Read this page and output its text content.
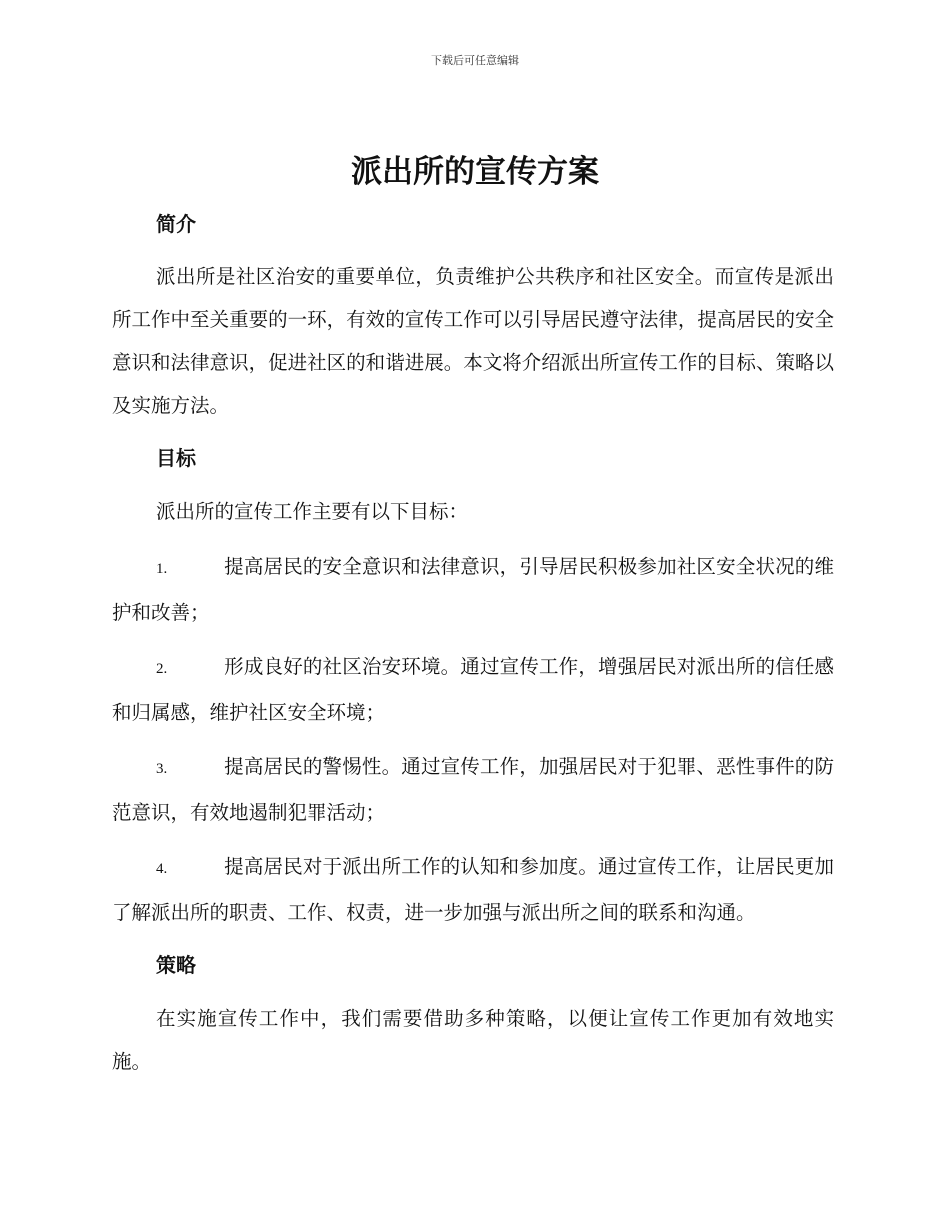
下载后可任意编辑
派出所的宣传方案
简介

派出所是社区治安的重要单位，负责维护公共秩序和社区安全。而宣传是派出所工作中至关重要的一环，有效的宣传工作可以引导居民遵守法律，提高居民的安全意识和法律意识，促进社区的和谐进展。本文将介绍派出所宣传工作的目标、策略以及实施方法。

目标

派出所的宣传工作主要有以下目标：

1.	提高居民的安全意识和法律意识，引导居民积极参加社区安全状况的维护和改善；

2.	形成良好的社区治安环境。通过宣传工作，增强居民对派出所的信任感和归属感，维护社区安全环境；

3.	提高居民的警惕性。通过宣传工作，加强居民对于犯罪、恶性事件的防范意识，有效地遏制犯罪活动；

4.	提高居民对于派出所工作的认知和参加度。通过宣传工作，让居民更加了解派出所的职责、工作、权责，进一步加强与派出所之间的联系和沟通。

策略

在实施宣传工作中，我们需要借助多种策略，以便让宣传工作更加有效地实施。
